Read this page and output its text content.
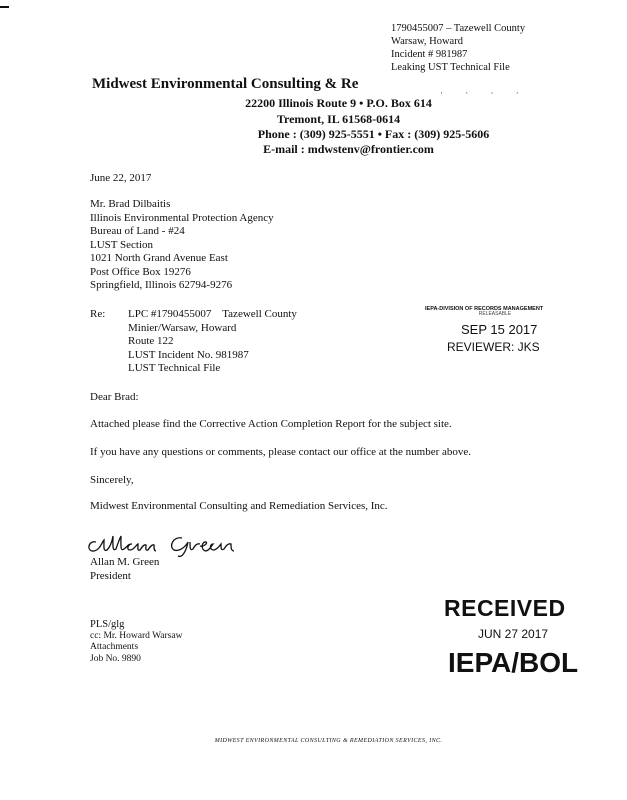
1790455007 – Tazewell County
Warsaw, Howard
Incident # 981987
Leaking UST Technical File
Midwest Environmental Consulting & Re
· · · ·
22200 Illinois Route 9 • P.O. Box 614
Tremont, IL 61568-0614
Phone : (309) 925-5551 • Fax : (309) 925-5606
E-mail : mdwstenv@frontier.com
June 22, 2017
Mr. Brad Dilbaitis
Illinois Environmental Protection Agency
Bureau of Land - #24
LUST Section
1021 North Grand Avenue East
Post Office Box 19276
Springfield, Illinois 62794-9276
Re: LPC #1790455007    Tazewell County
Minier/Warsaw, Howard
Route 122
LUST Incident No. 981987
LUST Technical File
IEPA-DIVISION OF RECORDS MANAGEMENT
RELEASABLE
SEP 15 2017
REVIEWER: JKS
Dear Brad:
Attached please find the Corrective Action Completion Report for the subject site.
If you have any questions or comments, please contact our office at the number above.
Sincerely,
Midwest Environmental Consulting and Remediation Services, Inc.
Allan M. Green
President
PLS/glg
cc: Mr. Howard Warsaw
Attachments
Job No. 9890
RECEIVED
JUN 27 2017
IEPA/BOL
MIDWEST ENVIRONMENTAL CONSULTING & REMEDIATION SERVICES, INC.
